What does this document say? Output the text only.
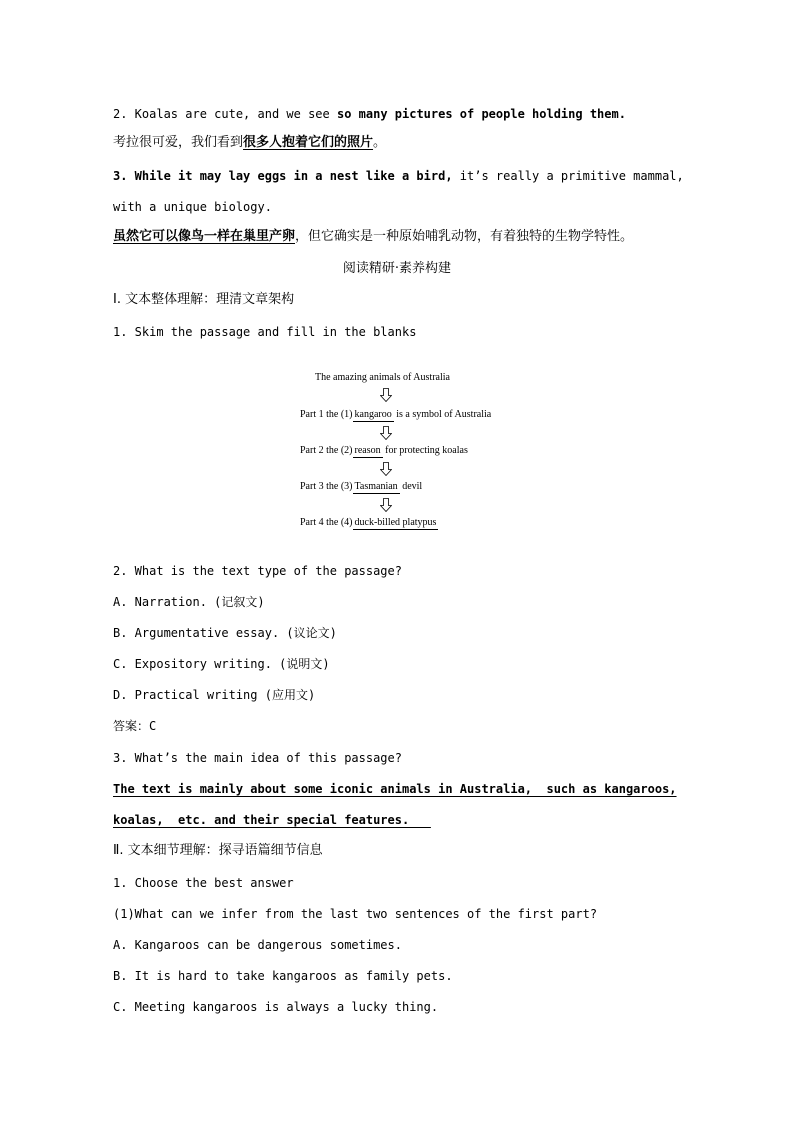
2. Koalas are cute, and we see so many pictures of people holding them.
考拉很可爱，我们看到很多人抱着它们的照片。
3. While it may lay eggs in a nest like a bird, it’s really a primitive mammal,
with a unique biology.
虽然它可以像鸟一样在巢里产卵，但它确实是一种原始哺乳动物，有着独特的生物学特性。
阅读精研·素养构建
Ⅰ. 文本整体理解：理清文章架构
1. Skim the passage and fill in the blanks
The amazing animals of Australia
Part 1 the (1) kangaroo is a symbol of Australia
Part 2 the (2) reason for protecting koalas
Part 3 the (3) Tasmanian devil
Part 4 the (4) duck-billed platypus
2. What is the text type of the passage?
A. Narration. (记叙文)
B. Argumentative essay. (议论文)
C. Expository writing. (说明文)
D. Practical writing (应用文)
答案：C
3. What’s the main idea of this passage?
The text is mainly about some iconic animals in Australia,  such as kangaroos,
koalas,  etc. and their special features.
Ⅱ. 文本细节理解：探寻语篇细节信息
1. Choose the best answer
(1)What can we infer from the last two sentences of the first part?
A. Kangaroos can be dangerous sometimes.
B. It is hard to take kangaroos as family pets.
C. Meeting kangaroos is always a lucky thing.
